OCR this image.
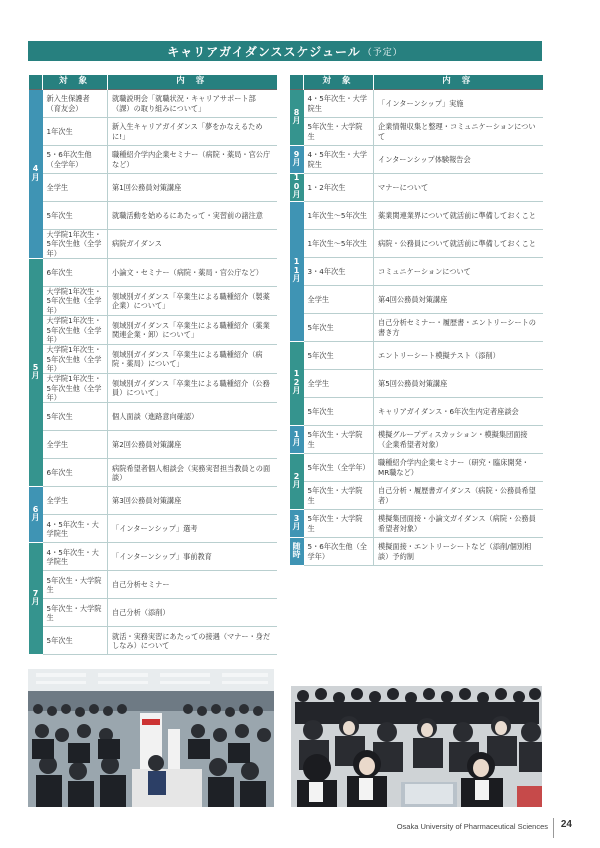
キャリアガイダンススケジュール （予定）
	対 象	内 容
4
月	新入生保護者（育友会）	就職説明会「就職状況・キャリアサポート部（課）の取り組みについて」
	1年次生	新入生キャリアガイダンス「夢をかなえるために!」
	5・6年次生他（全学年）	職種紹介学内企業セミナー（病院・薬局・官公庁など）
	全学生	第1回公務員対策講座
	5年次生	就職活動を始めるにあたって・実習前の諸注意
	大学院1年次生・5年次生他（全学年）	病院ガイダンス
5
月	6年次生	小論文・セミナー（病院・薬局・官公庁など）
	大学院1年次生・5年次生他（全学年）	領域別ガイダンス「卒業生による職種紹介（製薬企業）について」
	大学院1年次生・5年次生他（全学年）	領域別ガイダンス「卒業生による職種紹介（薬業関連企業・卸）について」
	大学院1年次生・5年次生他（全学年）	領域別ガイダンス「卒業生による職種紹介（病院・薬局）について」
	大学院1年次生・5年次生他（全学年）	領域別ガイダンス「卒業生による職種紹介（公務員）について」
	5年次生	個人面談（進路意向確認）
	全学生	第2回公務員対策講座
	6年次生	病院希望者個人相談会（実務実習担当教員との面談）
6
月	全学生	第3回公務員対策講座
	4・5年次生・大学院生	「インターンシップ」選考
7
月	4・5年次生・大学院生	「インターンシップ」事前教育
	5年次生・大学院生	自己分析セミナー
	5年次生・大学院生	自己分析（添削）
	5年次生	就活・実務実習にあたっての接遇（マナー・身だしなみ）について
	対 象	内 容
8
月	4・5年次生・大学院生	「インターンシップ」実施
	5年次生・大学院生	企業情報収集と整理・コミュニケーションについて
9
月	4・5年次生・大学院生	インターンシップ体験報告会
1
0
月	1・2年次生	マナーについて
1
1
月	1年次生～5年次生	薬業関連業界について就活前に準備しておくこと
	1年次生～5年次生	病院・公務員について就活前に準備しておくこと
	3・4年次生	コミュニケーションについて
	全学生	第4回公務員対策講座
	5年次生	自己分析セミナー・履歴書・エントリーシートの書き方
1
2
月	5年次生	エントリーシート模擬テスト（添削）
	全学生	第5回公務員対策講座
	5年次生	キャリアガイダンス・6年次生内定者座談会
1
月	5年次生・大学院生	模擬グループディスカッション・模擬集団面接（企業希望者対象）
2
月	5年次生（全学年）	職種紹介学内企業セミナー（研究・臨床開発・MR職など）
	5年次生・大学院生	自己分析・履歴書ガイダンス（病院・公務員希望者）
3
月	5年次生・大学院生	模擬集団面接・小論文ガイダンス（病院・公務員希望者対象）
随
時	5・6年次生他（全学年）	模擬面接・エントリーシートなど（添削/個別相談）予約制
Osaka University of Pharmaceutical Sciences 24
